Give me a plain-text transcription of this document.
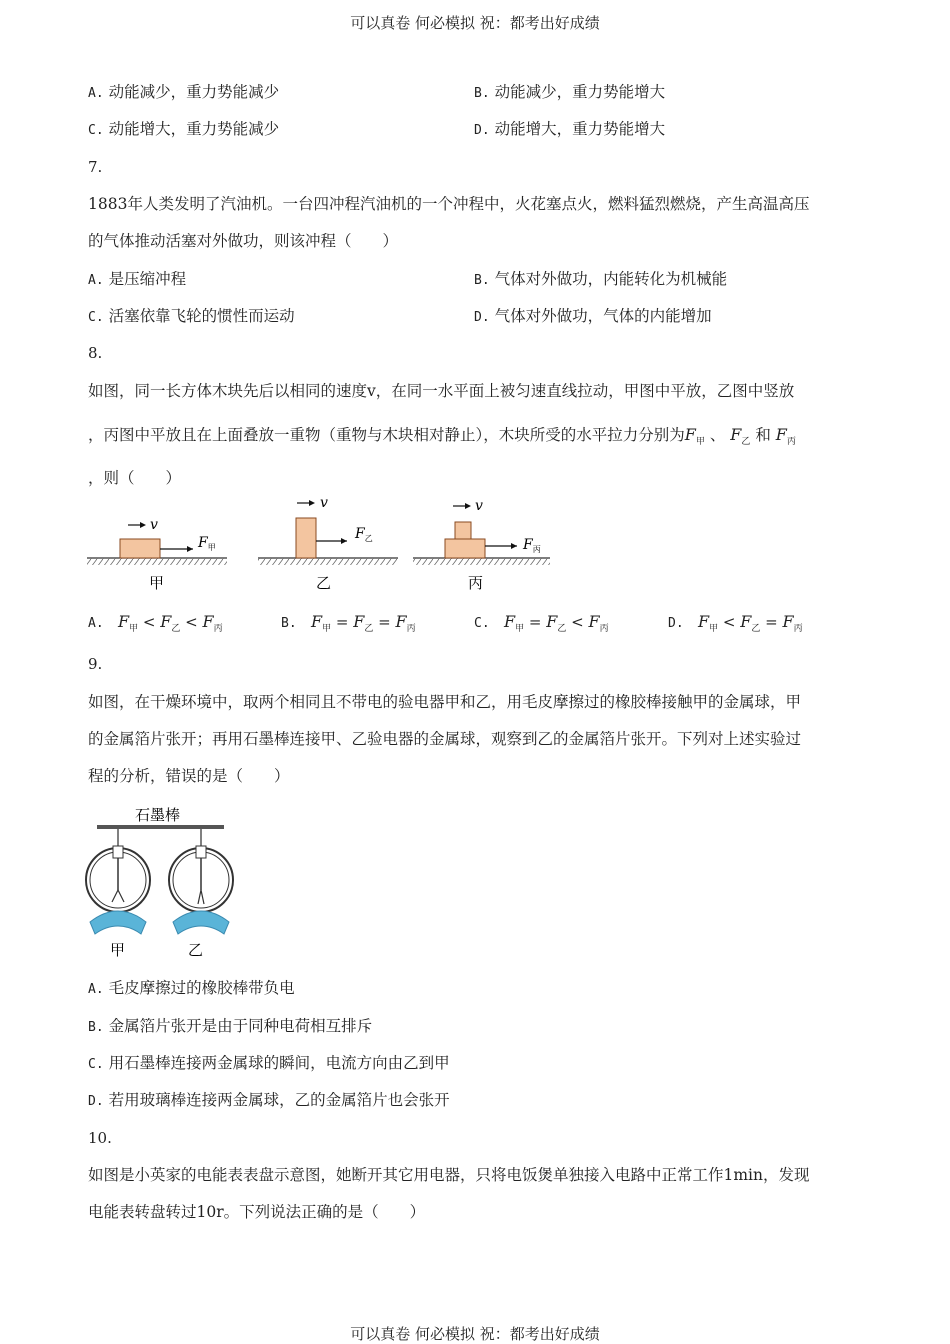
可以真卷 何必模拟 祝：都考出好成绩
A. 动能减少，重力势能减少	B. 动能减少，重力势能增大
C. 动能增大，重力势能减少	D. 动能增大，重力势能增大
7.
1883年人类发明了汽油机。一台四冲程汽油机的一个冲程中，火花塞点火，燃料猛烈燃烧，产生高温高压
的气体推动活塞对外做功，则该冲程（　　）
A. 是压缩冲程	B. 气体对外做功，内能转化为机械能
C. 活塞依靠飞轮的惯性而运动	D. 气体对外做功，气体的内能增加
8.
如图，同一长方体木块先后以相同的速度v，在同一水平面上被匀速直线拉动，甲图中平放，乙图中竖放
，丙图中平放且在上面叠放一重物（重物与木块相对静止），木块所受的水平拉力分别为$F_甲$ 、 $F_乙$ 和 $F_丙$
，则（　　）
v
$F_甲$
甲
v
$F_乙$
乙
v
$F_丙$
丙
A. $F_甲 < F_乙 < F_丙$	B. $F_甲 = F_乙 = F_丙$	C. $F_甲 = F_乙 < F_丙$	D. $F_甲 < F_乙 = F_丙$
9.
如图，在干燥环境中，取两个相同且不带电的验电器甲和乙，用毛皮摩擦过的橡胶棒接触甲的金属球，甲
的金属箔片张开；再用石墨棒连接甲、乙验电器的金属球，观察到乙的金属箔片张开。下列对上述实验过
程的分析，错误的是（　　）
石墨棒
甲	乙
A. 毛皮摩擦过的橡胶棒带负电
B. 金属箔片张开是由于同种电荷相互排斥
C. 用石墨棒连接两金属球的瞬间，电流方向由乙到甲
D. 若用玻璃棒连接两金属球，乙的金属箔片也会张开
10.
如图是小英家的电能表表盘示意图，她断开其它用电器，只将电饭煲单独接入电路中正常工作1min，发现
电能表转盘转过10r。下列说法正确的是（　　）
可以真卷 何必模拟 祝：都考出好成绩
